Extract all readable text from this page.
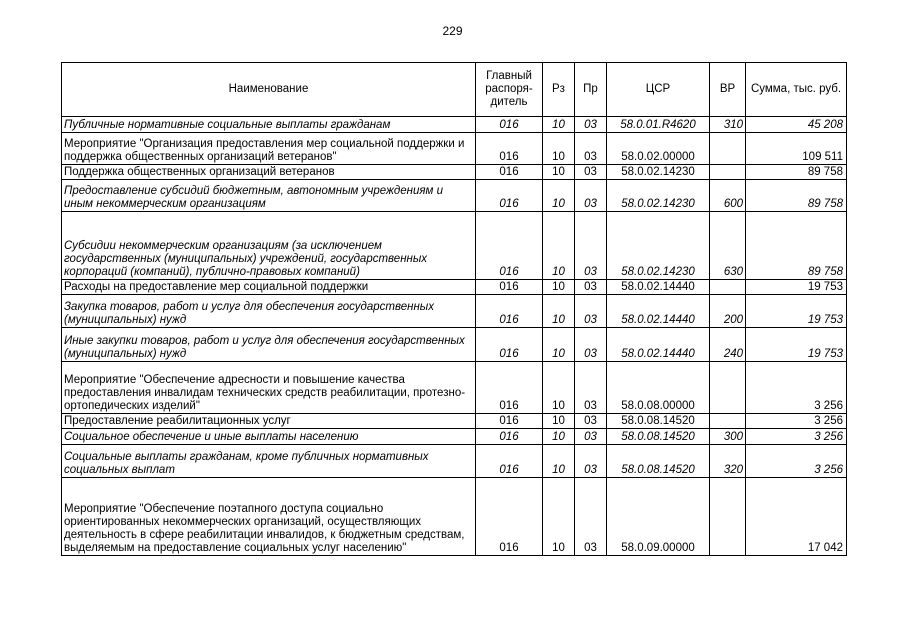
229
Наименование	Главный распоря-дитель	Рз	Пр	ЦСР	ВР	Сумма, тыс. руб.
Публичные нормативные социальные выплаты гражданам	016	10	03	58.0.01.R4620	310	45 208
Мероприятие "Организация предоставления мер социальной поддержки и поддержка общественных организаций ветеранов"	016	10	03	58.0.02.00000		109 511
Поддержка общественных организаций ветеранов	016	10	03	58.0.02.14230		89 758
Предоставление субсидий бюджетным, автономным учреждениям и иным некоммерческим организациям	016	10	03	58.0.02.14230	600	89 758
Субсидии некоммерческим организациям (за исключением государственных (муниципальных) учреждений, государственных корпораций (компаний), публично-правовых компаний)	016	10	03	58.0.02.14230	630	89 758
Расходы на предоставление мер социальной поддержки	016	10	03	58.0.02.14440		19 753
Закупка товаров, работ и услуг для обеспечения государственных (муниципальных) нужд	016	10	03	58.0.02.14440	200	19 753
Иные закупки товаров, работ и услуг для обеспечения государственных (муниципальных) нужд	016	10	03	58.0.02.14440	240	19 753
Мероприятие "Обеспечение адресности и повышение качества предоставления инвалидам технических средств реабилитации, протезно-ортопедических изделий"	016	10	03	58.0.08.00000		3 256
Предоставление реабилитационных услуг	016	10	03	58.0.08.14520		3 256
Социальное обеспечение и иные выплаты населению	016	10	03	58.0.08.14520	300	3 256
Социальные выплаты гражданам, кроме публичных нормативных социальных выплат	016	10	03	58.0.08.14520	320	3 256
Мероприятие "Обеспечение поэтапного доступа социально ориентированных некоммерческих организаций, осуществляющих деятельность в сфере реабилитации инвалидов, к бюджетным средствам, выделяемым на предоставление социальных услуг населению"	016	10	03	58.0.09.00000		17 042
